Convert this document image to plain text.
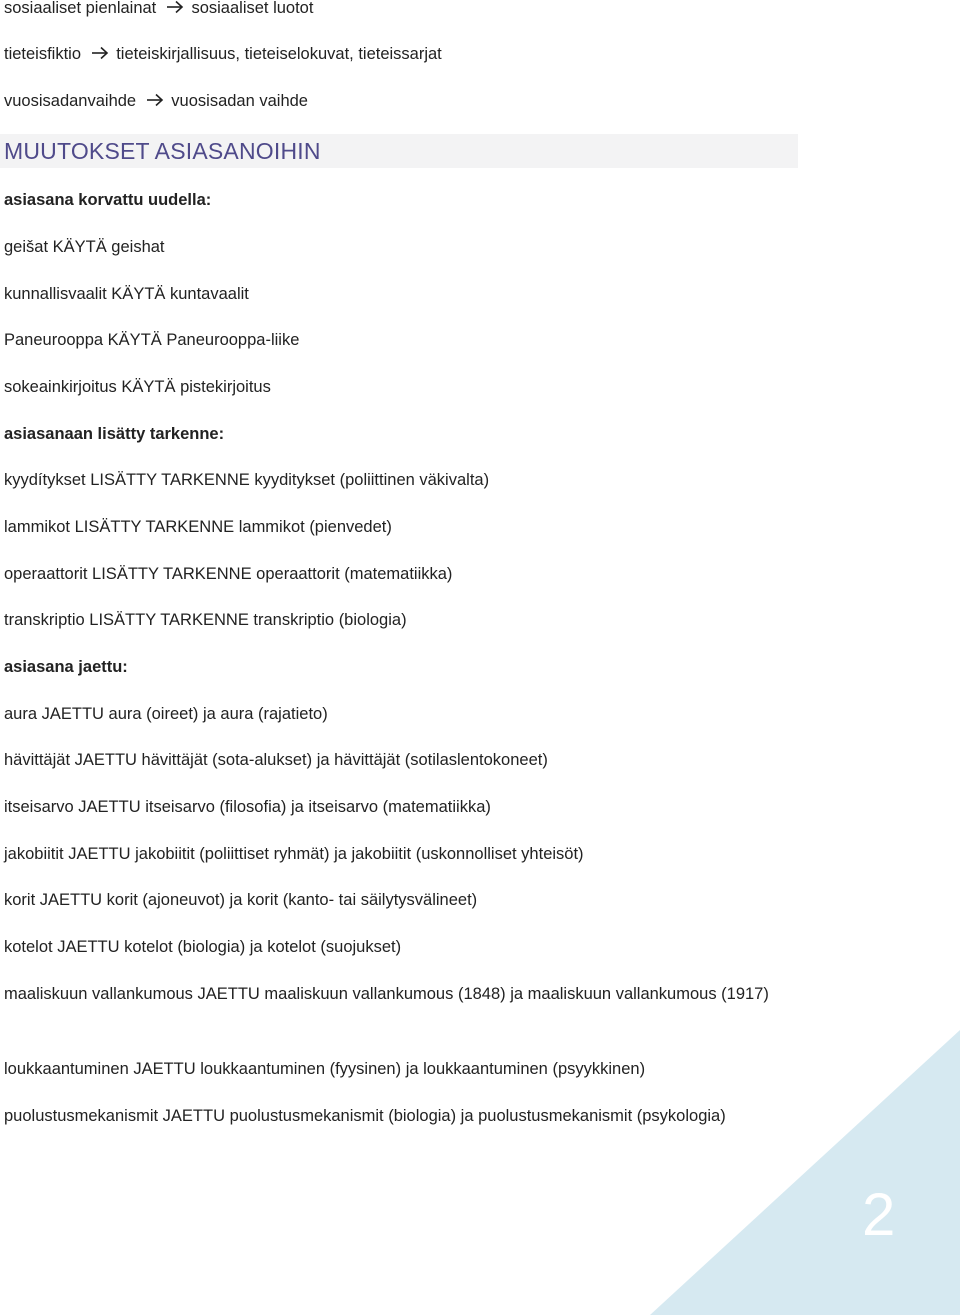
sosiaaliset pienlainat sosiaaliset luotot
tieteisfiktio tieteiskirjallisuus, tieteiselokuvat, tieteissarjat
vuosisadanvaihde vuosisadan vaihde
MUUTOKSET ASIASANOIHIN
asiasana korvattu uudella:
geišat KÄYTÄ geishat
kunnallisvaalit KÄYTÄ kuntavaalit
Paneurooppa KÄYTÄ Paneurooppa-liike
sokeainkirjoitus KÄYTÄ pistekirjoitus
asiasanaan lisätty tarkenne:
kyydítykset LISÄTTY TARKENNE kyyditykset (poliittinen väkivalta)
lammikot LISÄTTY TARKENNE lammikot (pienvedet)
operaattorit LISÄTTY TARKENNE operaattorit (matematiikka)
transkriptio LISÄTTY TARKENNE transkriptio (biologia)
asiasana jaettu:
aura JAETTU aura (oireet) ja aura (rajatieto)
hävittäjät JAETTU hävittäjät (sota-alukset) ja hävittäjät (sotilaslentokoneet)
itseisarvo JAETTU itseisarvo (filosofia) ja itseisarvo (matematiikka)
jakobiitit JAETTU jakobiitit (poliittiset ryhmät) ja jakobiitit (uskonnolliset yhteisöt)
korit JAETTU korit (ajoneuvot) ja korit (kanto- tai säilytysvälineet)
kotelot JAETTU kotelot (biologia) ja kotelot (suojukset)
maaliskuun vallankumous JAETTU maaliskuun vallankumous (1848) ja maaliskuun vallankumous (1917)
loukkaantuminen JAETTU loukkaantuminen (fyysinen) ja loukkaantuminen (psyykkinen)
puolustusmekanismit JAETTU puolustusmekanismit (biologia) ja puolustusmekanismit (psykologia)
2
